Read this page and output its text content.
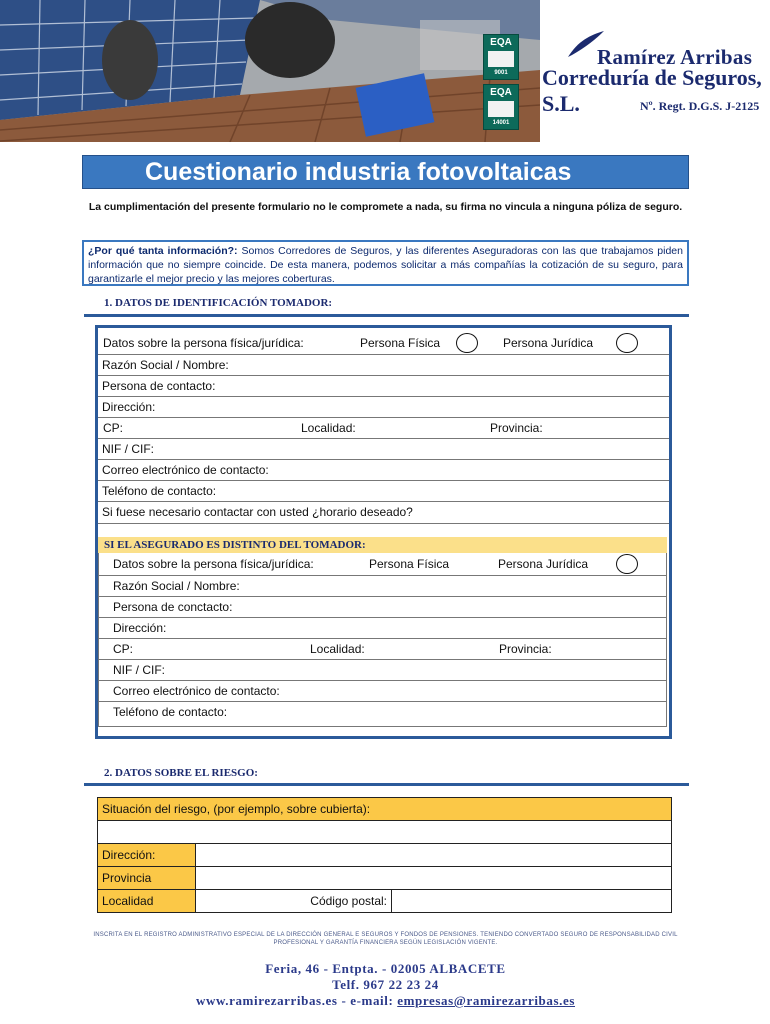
EQA
9001
EQA
14001
Ramírez Arribas
Correduría de Seguros, S.L.	Nº. Regt. D.G.S. J-2125
Cuestionario industria fotovoltaicas
La cumplimentación del presente formulario no le compromete a nada, su firma no vincula a ninguna póliza de seguro.
¿Por qué tanta información?: Somos Corredores de Seguros, y las diferentes Aseguradoras con las que trabajamos piden información que no siempre coincide. De esta manera, podemos solicitar a más compañías la cotización de su seguro, para garantizarle el mejor precio y las mejores coberturas.
1. DATOS DE IDENTIFICACIÓN TOMADOR:
Datos sobre la persona física/jurídica:	Persona Física	Persona Jurídica
Razón Social / Nombre:
Persona de contacto:
Dirección:
CP:	Localidad:	Provincia:
NIF / CIF:
Correo electrónico de contacto:
Teléfono de contacto:
Si fuese necesario contactar con usted ¿horario deseado?
Datos sobre la persona física/jurídica:	Persona Física	Persona Jurídica
Razón Social / Nombre:
Persona de conctacto:
Dirección:
CP:	Localidad:	Provincia:
NIF / CIF:
Correo electrónico de contacto:
Teléfono de contacto:
SI EL ASEGURADO ES DISTINTO DEL TOMADOR:
2. DATOS SOBRE EL RIESGO:
Situación del riesgo, (por ejemplo, sobre cubierta):		

Dirección:		
Provincia		
Localidad	Código postal:	
INSCRITA EN EL REGISTRO ADMINISTRATIVO ESPECIAL DE LA DIRECCIÓN GENERAL E SEGUROS Y FONDOS DE PENSIONES. TENIENDO CONVERTADO SEGURO DE RESPONSABILIDAD CIVIL PROFESIONAL Y GARANTÍA FINANCIERA SEGÚN LEGISLACIÓN VIGENTE.
Feria, 46 - Entpta. - 02005 ALBACETE
Telf. 967 22 23 24
www.ramirezarribas.es - e-mail: empresas@ramirezarribas.es
